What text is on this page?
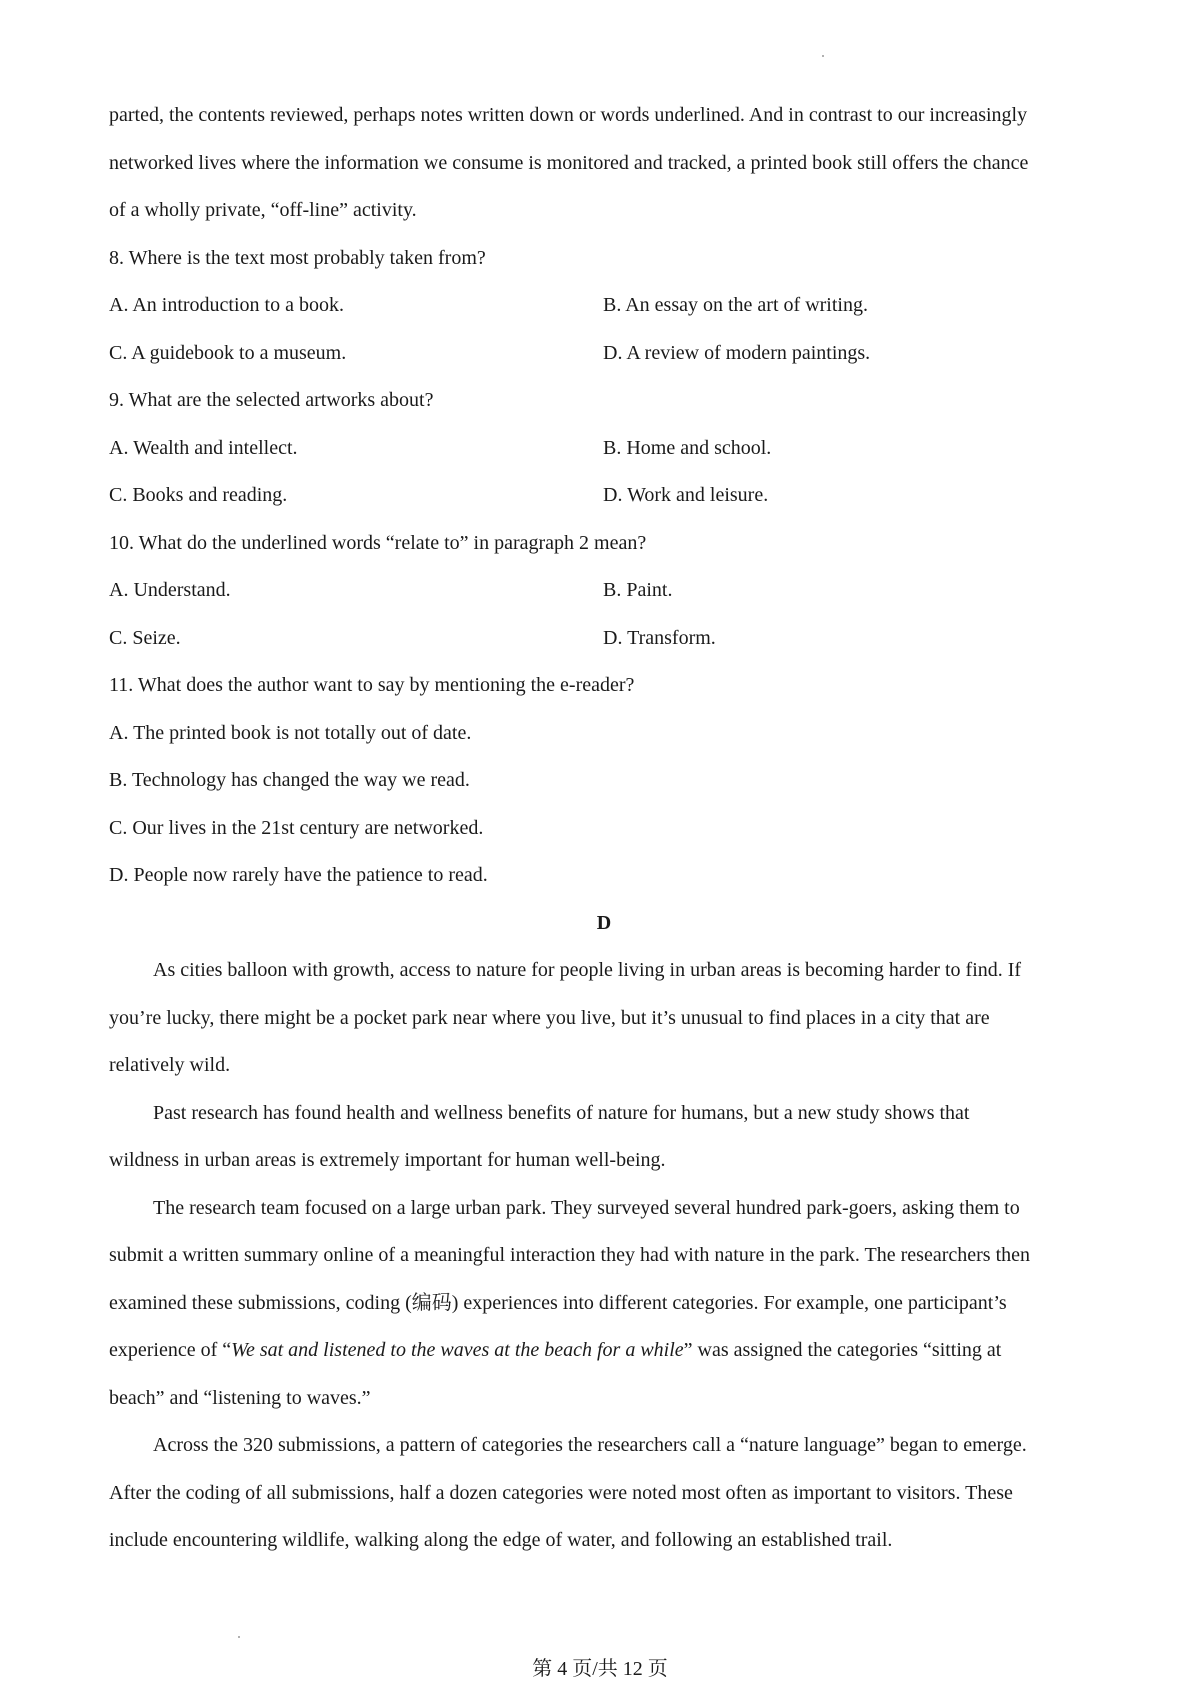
parted, the contents reviewed, perhaps notes written down or words underlined. And in contrast to our increasingly
networked lives where the information we consume is monitored and tracked, a printed book still offers the chance
of a wholly private, “off-line” activity.
8. Where is the text most probably taken from?
A. An introduction to a book.	B. An essay on the art of writing.
C. A guidebook to a museum.	D. A review of modern paintings.
9. What are the selected artworks about?
A. Wealth and intellect.	B. Home and school.
C. Books and reading.	D. Work and leisure.
10. What do the underlined words “relate to” in paragraph 2 mean?
A. Understand.	B. Paint.
C. Seize.	D. Transform.
11. What does the author want to say by mentioning the e-reader?
A. The printed book is not totally out of date.
B. Technology has changed the way we read.
C. Our lives in the 21st century are networked.
D. People now rarely have the patience to read.
D
As cities balloon with growth, access to nature for people living in urban areas is becoming harder to find. If
you’re lucky, there might be a pocket park near where you live, but it’s unusual to find places in a city that are
relatively wild.
Past research has found health and wellness benefits of nature for humans, but a new study shows that
wildness in urban areas is extremely important for human well-being.
The research team focused on a large urban park. They surveyed several hundred park-goers, asking them to
submit a written summary online of a meaningful interaction they had with nature in the park. The researchers then
examined these submissions, coding (编码) experiences into different categories. For example, one participant’s
experience of “We sat and listened to the waves at the beach for a while” was assigned the categories “sitting at
beach” and “listening to waves.”
Across the 320 submissions, a pattern of categories the researchers call a “nature language” began to emerge.
After the coding of all submissions, half a dozen categories were noted most often as important to visitors. These
include encountering wildlife, walking along the edge of water, and following an established trail.
第 4 页/共 12 页
